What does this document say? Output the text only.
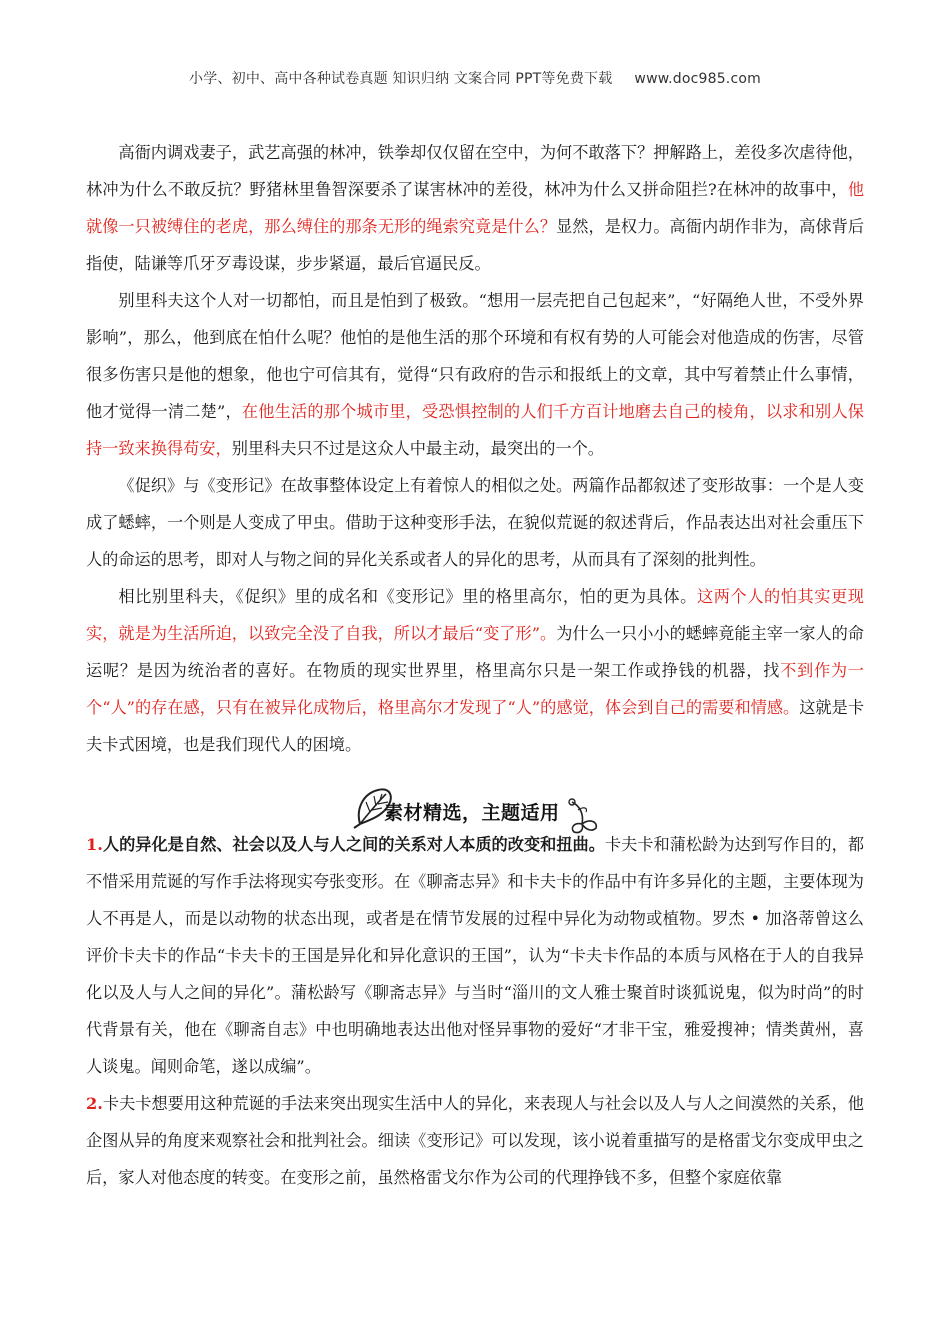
小学、初中、高中各种试卷真题 知识归纳 文案合同 PPT等免费下载 www.doc985.com

高衙内调戏妻子，武艺高强的林冲，铁拳却仅仅留在空中，为何不敢落下？押解路上，差役多次虐待他，林冲为什么不敢反抗？野猪林里鲁智深要杀了谋害林冲的差役，林冲为什么又拼命阻拦?在林冲的故事中，他就像一只被缚住的老虎，那么缚住的那条无形的绳索究竟是什么？显然，是权力。高衙内胡作非为，高俅背后指使，陆谦等爪牙歹毒设谋，步步紧逼，最后官逼民反。

别里科夫这个人对一切都怕，而且是怕到了极致。“想用一层壳把自己包起来”，“好隔绝人世，不受外界影响”，那么，他到底在怕什么呢？他怕的是他生活的那个环境和有权有势的人可能会对他造成的伤害，尽管很多伤害只是他的想象，他也宁可信其有，觉得“只有政府的告示和报纸上的文章，其中写着禁止什么事情，他才觉得一清二楚”，在他生活的那个城市里，受恐惧控制的人们千方百计地磨去自己的棱角，以求和别人保持一致来换得苟安，别里科夫只不过是这众人中最主动，最突出的一个。

《促织》与《变形记》在故事整体设定上有着惊人的相似之处。两篇作品都叙述了变形故事：一个是人变成了蟋蟀，一个则是人变成了甲虫。借助于这种变形手法，在貌似荒诞的叙述背后，作品表达出对社会重压下人的命运的思考，即对人与物之间的异化关系或者人的异化的思考，从而具有了深刻的批判性。

相比别里科夫，《促织》里的成名和《变形记》里的格里高尔，怕的更为具体。这两个人的怕其实更现实，就是为生活所迫，以致完全没了自我，所以才最后“变了形”。为什么一只小小的蟋蟀竟能主宰一家人的命运呢？是因为统治者的喜好。在物质的现实世界里，格里高尔只是一架工作或挣钱的机器，找不到作为一个“人”的存在感，只有在被异化成物后，格里高尔才发现了“人”的感觉，体会到自己的需要和情感。这就是卡夫卡式困境，也是我们现代人的困境。

素材精选，主题适用

1.人的异化是自然、社会以及人与人之间的关系对人本质的改变和扭曲。卡夫卡和蒲松龄为达到写作目的，都不惜采用荒诞的写作手法将现实夸张变形。在《聊斋志异》和卡夫卡的作品中有许多异化的主题，主要体现为人不再是人，而是以动物的状态出现，或者是在情节发展的过程中异化为动物或植物。罗杰 • 加洛蒂曾这么评价卡夫卡的作品“卡夫卡的王国是异化和异化意识的王国”，认为“卡夫卡作品的本质与风格在于人的自我异化以及人与人之间的异化”。蒲松龄写《聊斋志异》与当时“淄川的文人雅士聚首时谈狐说鬼，似为时尚”的时代背景有关，他在《聊斋自志》中也明确地表达出他对怪异事物的爱好“才非干宝，雅爱搜神；情类黄州，喜人谈鬼。闻则命笔，遂以成编”。

2.卡夫卡想要用这种荒诞的手法来突出现实生活中人的异化，来表现人与社会以及人与人之间漠然的关系，他企图从异的角度来观察社会和批判社会。细读《变形记》可以发现，该小说着重描写的是格雷戈尔变成甲虫之后，家人对他态度的转变。在变形之前，虽然格雷戈尔作为公司的代理挣钱不多，但整个家庭依靠
